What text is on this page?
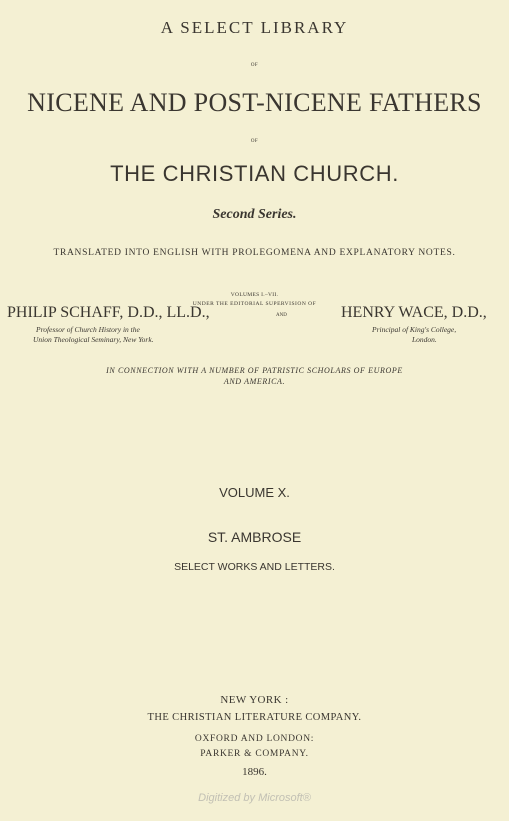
A SELECT LIBRARY
OF
NICENE AND POST-NICENE FATHERS
OF
THE CHRISTIAN CHURCH.
Second Series.
TRANSLATED INTO ENGLISH WITH PROLEGOMENA AND EXPLANATORY NOTES.
VOLUMES I.–VII.
UNDER THE EDITORIAL SUPERVISION OF
PHILIP SCHAFF, D.D., LL.D.,
Professor of Church History in the
Union Theological Seminary, New York.
AND	HENRY WACE, D.D.,
Principal of King's College,
London.
IN CONNECTION WITH A NUMBER OF PATRISTIC SCHOLARS OF EUROPE
AND AMERICA.
VOLUME X.
ST. AMBROSE
SELECT WORKS AND LETTERS.
NEW YORK :
THE CHRISTIAN LITERATURE COMPANY.
OXFORD AND LONDON:
PARKER & COMPANY.
1896.
Digitized by Microsoft®
